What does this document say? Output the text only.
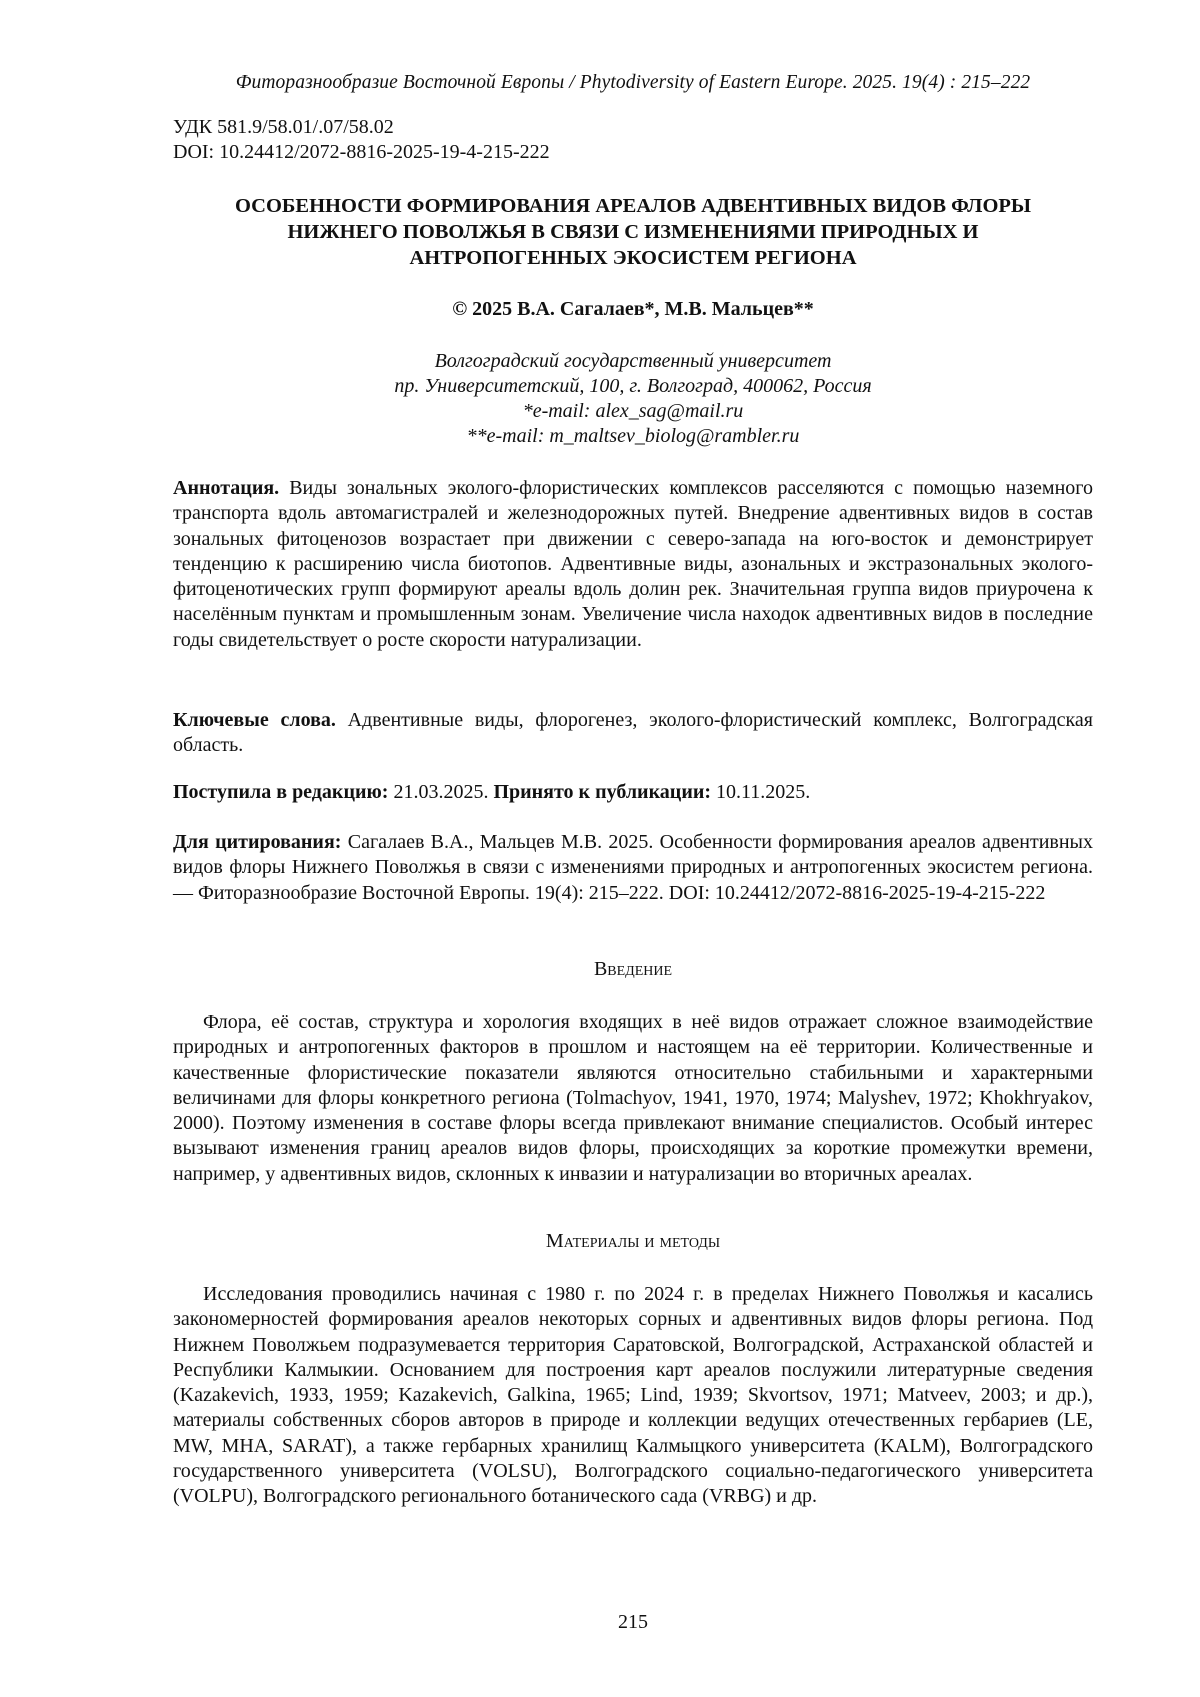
Фиторазнообразие Восточной Европы / Phytodiversity of Eastern Europe. 2025. 19(4) : 215–222
УДК 581.9/58.01/.07/58.02
DOI: 10.24412/2072-8816-2025-19-4-215-222
ОСОБЕННОСТИ ФОРМИРОВАНИЯ АРЕАЛОВ АДВЕНТИВНЫХ ВИДОВ ФЛОРЫ
НИЖНЕГО ПОВОЛЖЬЯ В СВЯЗИ С ИЗМЕНЕНИЯМИ ПРИРОДНЫХ И
АНТРОПОГЕННЫХ ЭКОСИСТЕМ РЕГИОНА
© 2025 В.А. Сагалаев*, М.В. Мальцев**
Волгоградский государственный университет
пр. Университетский, 100, г. Волгоград, 400062, Россия
*e-mail: alex_sag@mail.ru
**e-mail: m_maltsev_biolog@rambler.ru
Аннотация. Виды зональных эколого-флористических комплексов расселяются с помощью наземного транспорта вдоль автомагистралей и железнодорожных путей. Внедрение адвентивных видов в состав зональных фитоценозов возрастает при движении с северо-запада на юго-восток и демонстрирует тенденцию к расширению числа биотопов. Адвентивные виды, азональных и экстразональных эколого-фитоценотических групп формируют ареалы вдоль долин рек. Значительная группа видов приурочена к населённым пунктам и промышленным зонам. Увеличение числа находок адвентивных видов в последние годы свидетельствует о росте скорости натурализации.
Ключевые слова. Адвентивные виды, флорогенез, эколого-флористический комплекс, Волгоградская область.
Поступила в редакцию: 21.03.2025. Принято к публикации: 10.11.2025.
Для цитирования: Сагалаев В.А., Мальцев М.В. 2025. Особенности формирования ареалов адвентивных видов флоры Нижнего Поволжья в связи с изменениями природных и антропогенных экосистем региона. — Фиторазнообразие Восточной Европы. 19(4): 215–222. DOI: 10.24412/2072-8816-2025-19-4-215-222
Введение
Флора, её состав, структура и хорология входящих в неё видов отражает сложное взаимодействие природных и антропогенных факторов в прошлом и настоящем на её территории. Количественные и качественные флористические показатели являются относительно стабильными и характерными величинами для флоры конкретного региона (Tolmachyov, 1941, 1970, 1974; Malyshev, 1972; Khokhryakov, 2000). Поэтому изменения в составе флоры всегда привлекают внимание специалистов. Особый интерес вызывают изменения границ ареалов видов флоры, происходящих за короткие промежутки времени, например, у адвентивных видов, склонных к инвазии и натурализации во вторичных ареалах.
Материалы и методы
Исследования проводились начиная с 1980 г. по 2024 г. в пределах Нижнего Поволжья и касались закономерностей формирования ареалов некоторых сорных и адвентивных видов флоры региона. Под Нижнем Поволжьем подразумевается территория Саратовской, Волгоградской, Астраханской областей и Республики Калмыкии. Основанием для построения карт ареалов послужили литературные сведения (Kazakevich, 1933, 1959; Kazakevich, Galkina, 1965; Lind, 1939; Skvortsov, 1971; Matveev, 2003; и др.), материалы собственных сборов авторов в природе и коллекции ведущих отечественных гербариев (LE, MW, MHA, SARAT), а также гербарных хранилищ Калмыцкого университета (KALM), Волгоградского государственного университета (VOLSU), Волгоградского социально-педагогического университета (VOLPU), Волгоградского регионального ботанического сада (VRBG) и др.
215
